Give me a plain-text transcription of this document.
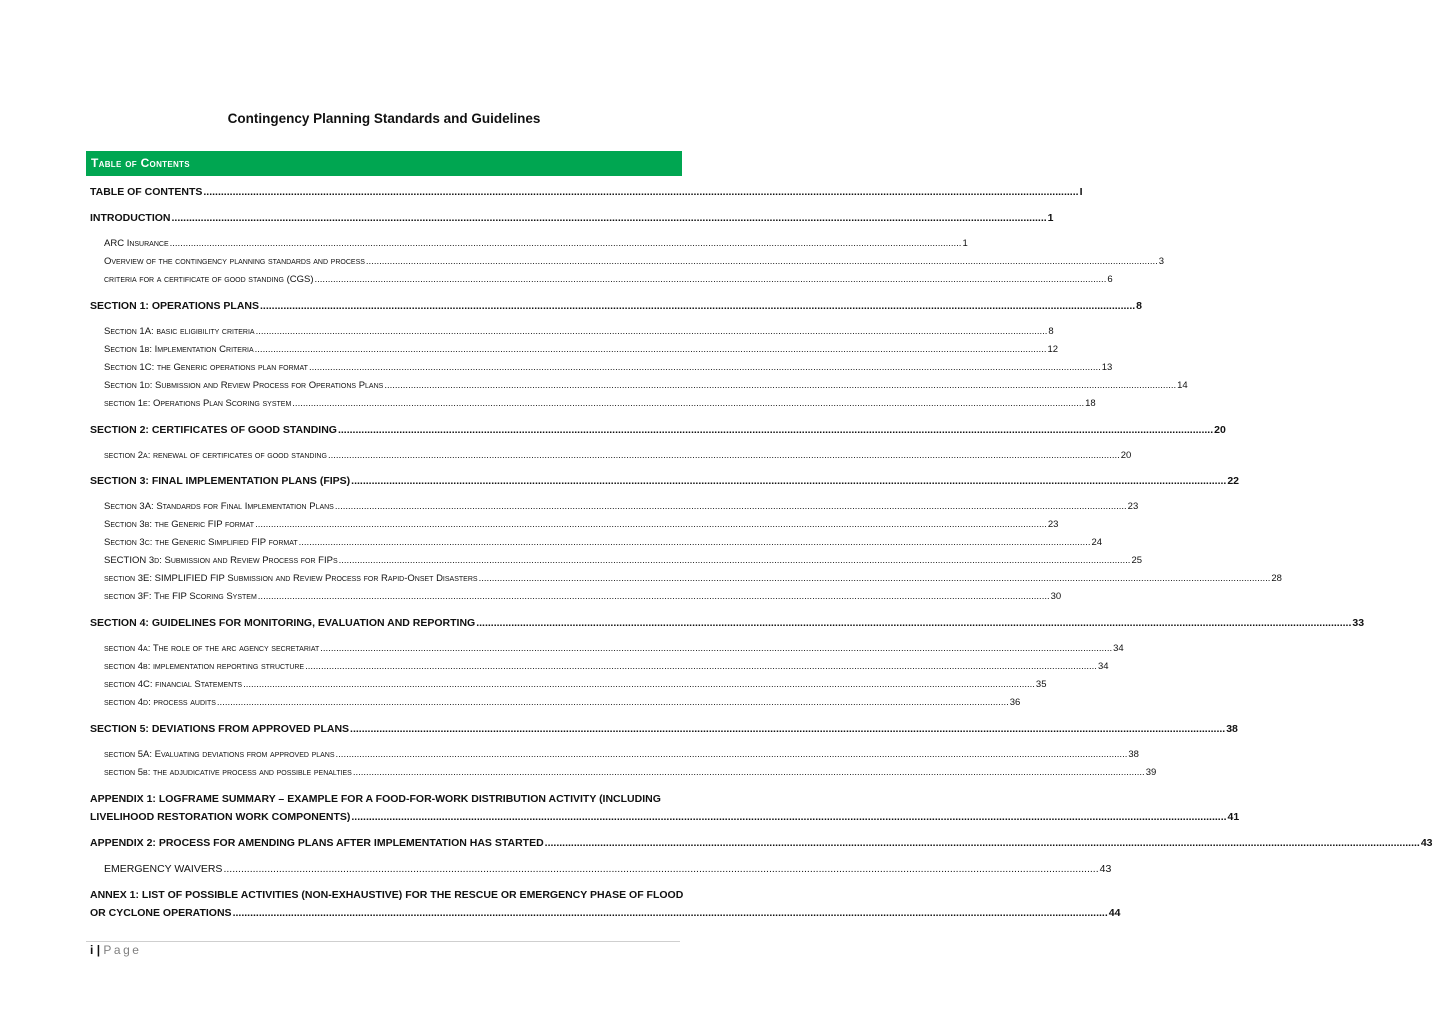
Contingency Planning Standards and Guidelines
Table of Contents
TABLE OF CONTENTS ............................................................................................................................................................................................................................................................................................................ I
INTRODUCTION ............................................................................................................................................................................................................................................................................................................ 1
ARC Insurance ............................................................................................................................................................................................................................................................................................................ 1
Overview of the contingency planning standards and process ............................................................................................................................................................................................................................................................................................................ 3
criteria for a certificate of good standing (CGS) ............................................................................................................................................................................................................................................................................................................ 6
SECTION 1: OPERATIONS PLANS ............................................................................................................................................................................................................................................................................................................ 8
Section 1A: basic eligibility criteria ............................................................................................................................................................................................................................................................................................................ 8
Section 1b: Implementation Criteria ............................................................................................................................................................................................................................................................................................................ 12
Section 1C: the Generic operations plan format ............................................................................................................................................................................................................................................................................................................ 13
Section 1d: Submission and Review Process for Operations Plans ............................................................................................................................................................................................................................................................................................................ 14
section 1e: Operations Plan Scoring system ............................................................................................................................................................................................................................................................................................................ 18
SECTION 2: CERTIFICATES OF GOOD STANDING ............................................................................................................................................................................................................................................................................................................ 20
section 2a: renewal of certificates of good standing ............................................................................................................................................................................................................................................................................................................ 20
SECTION 3: FINAL IMPLEMENTATION PLANS (FIPS) ............................................................................................................................................................................................................................................................................................................ 22
Section 3A: Standards for Final Implementation Plans ............................................................................................................................................................................................................................................................................................................ 23
Section 3b: the Generic FIP format ............................................................................................................................................................................................................................................................................................................ 23
Section 3c: the Generic Simplified FIP format ............................................................................................................................................................................................................................................................................................................ 24
SECTION 3d: Submission and Review Process for FIPs ............................................................................................................................................................................................................................................................................................................ 25
section 3E: SIMPLIFIED FIP Submission and Review Process for Rapid-Onset Disasters ............................................................................................................................................................................................................................................................................................................ 28
section 3F: The FIP Scoring System ............................................................................................................................................................................................................................................................................................................ 30
SECTION 4: GUIDELINES FOR MONITORING, EVALUATION AND REPORTING ............................................................................................................................................................................................................................................................................................................ 33
section 4a: The role of the arc agency secretariat ............................................................................................................................................................................................................................................................................................................ 34
section 4b: implementation reporting structure ............................................................................................................................................................................................................................................................................................................ 34
section 4C: financial Statements ............................................................................................................................................................................................................................................................................................................ 35
section 4d: process audits ............................................................................................................................................................................................................................................................................................................ 36
SECTION 5: DEVIATIONS FROM APPROVED PLANS ............................................................................................................................................................................................................................................................................................................ 38
section 5A: Evaluating deviations from approved plans ............................................................................................................................................................................................................................................................................................................ 38
section 5b: the adjudicative process and possible penalties ............................................................................................................................................................................................................................................................................................................ 39
APPENDIX 1: LOGFRAME SUMMARY – EXAMPLE FOR A FOOD-FOR-WORK DISTRIBUTION ACTIVITY (INCLUDING
LIVELIHOOD RESTORATION WORK COMPONENTS) ............................................................................................................................................................................................................................................................................................................ 41
APPENDIX 2: PROCESS FOR AMENDING PLANS AFTER IMPLEMENTATION HAS STARTED ............................................................................................................................................................................................................................................................................................................ 43
EMERGENCY WAIVERS ............................................................................................................................................................................................................................................................................................................ 43
ANNEX 1: LIST OF POSSIBLE ACTIVITIES (NON-EXHAUSTIVE) FOR THE RESCUE OR EMERGENCY PHASE OF FLOOD
OR CYCLONE OPERATIONS ............................................................................................................................................................................................................................................................................................................ 44
i | Page
